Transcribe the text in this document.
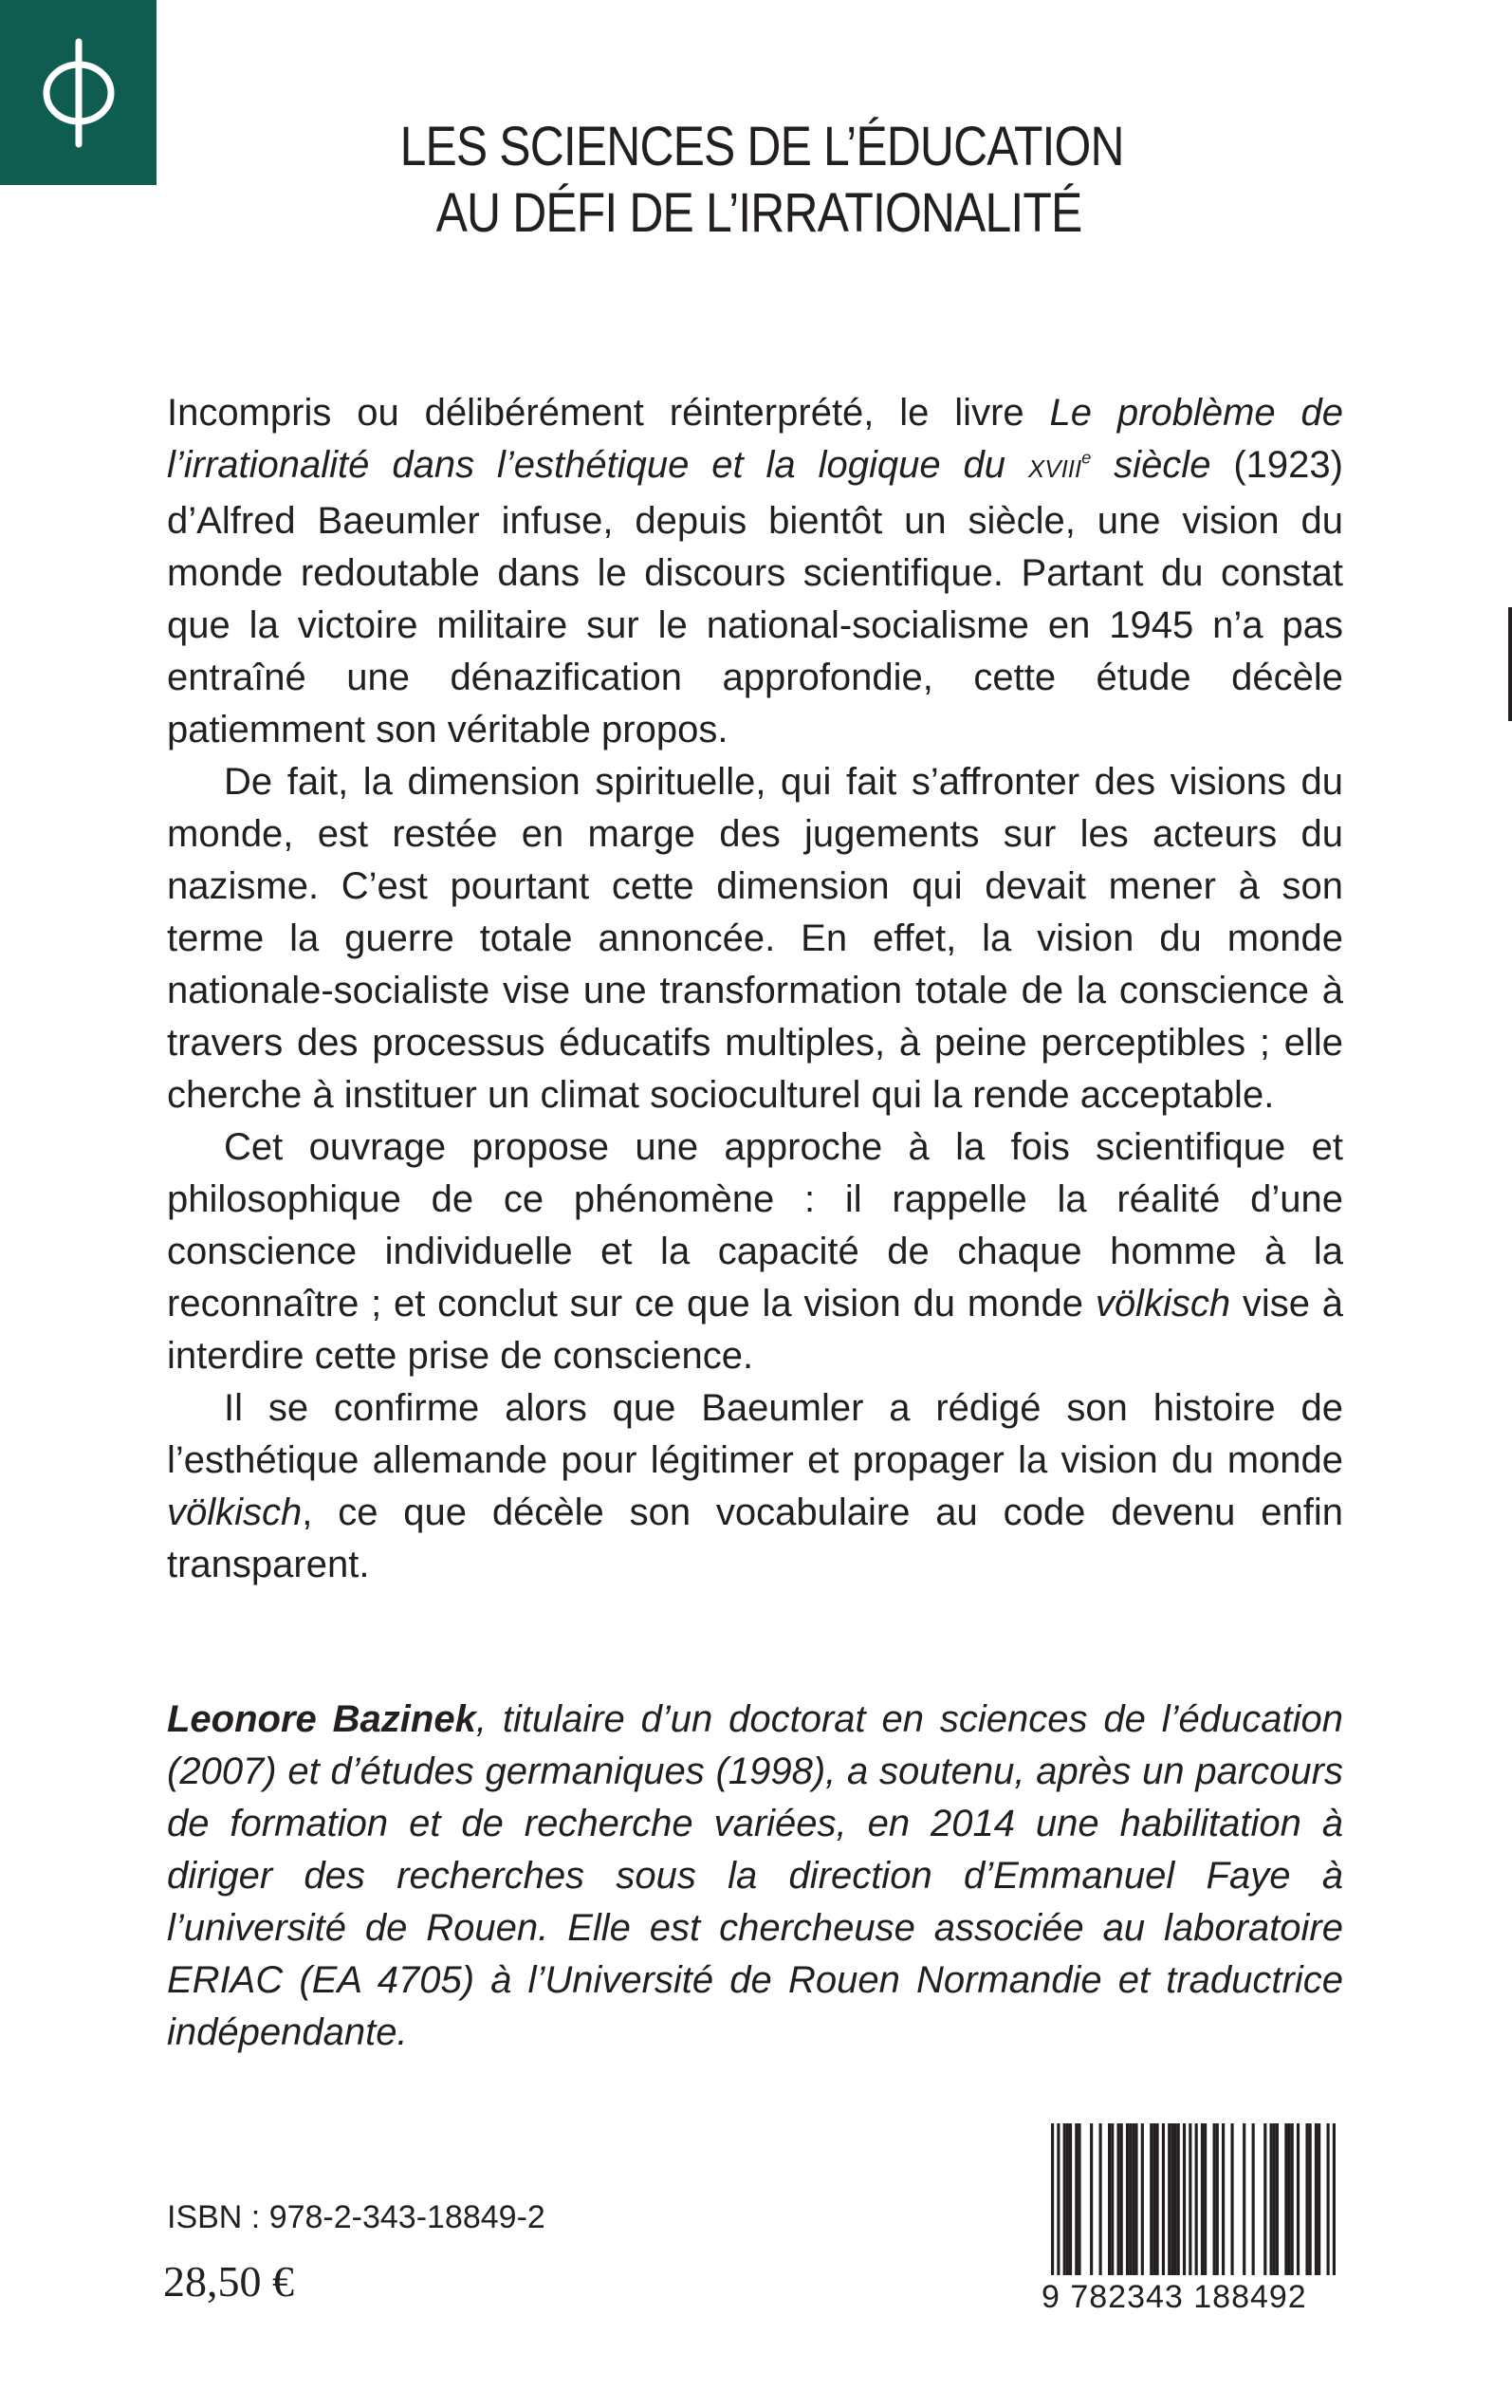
LES SCIENCES DE L’ÉDUCATION
AU DÉFI DE L’IRRATIONALITÉ

Incompris ou délibérément réinterprété, le livre Le problème de l’irrationalité dans l’esthétique et la logique du XVIIIe siècle (1923) d’Alfred Baeumler infuse, depuis bientôt un siècle, une vision du monde redoutable dans le discours scientifique. Partant du constat que la victoire militaire sur le national-socialisme en 1945 n’a pas entraîné une dénazification approfondie, cette étude décèle patiemment son véritable propos.

De fait, la dimension spirituelle, qui fait s’affronter des visions du monde, est restée en marge des jugements sur les acteurs du nazisme. C’est pourtant cette dimension qui devait mener à son terme la guerre totale annoncée. En effet, la vision du monde nationale-socialiste vise une transformation totale de la conscience à travers des processus éducatifs multiples, à peine perceptibles ; elle cherche à instituer un climat socioculturel qui la rende acceptable.

Cet ouvrage propose une approche à la fois scientifique et philosophique de ce phénomène : il rappelle la réalité d’une conscience individuelle et la capacité de chaque homme à la reconnaître ; et conclut sur ce que la vision du monde völkisch vise à interdire cette prise de conscience.

Il se confirme alors que Baeumler a rédigé son histoire de l’esthétique allemande pour légitimer et propager la vision du monde völkisch, ce que décèle son vocabulaire au code devenu enfin transparent.

Leonore Bazinek, titulaire d’un doctorat en sciences de l’éducation (2007) et d’études germaniques (1998), a soutenu, après un parcours de formation et de recherche variées, en 2014 une habilitation à diriger des recherches sous la direction d’Emmanuel Faye à l’université de Rouen. Elle est chercheuse associée au laboratoire ERIAC (EA 4705) à l’Université de Rouen Normandie et traductrice indépendante.

ISBN : 978-2-343-18849-2
28,50 €	9 782343 188492
